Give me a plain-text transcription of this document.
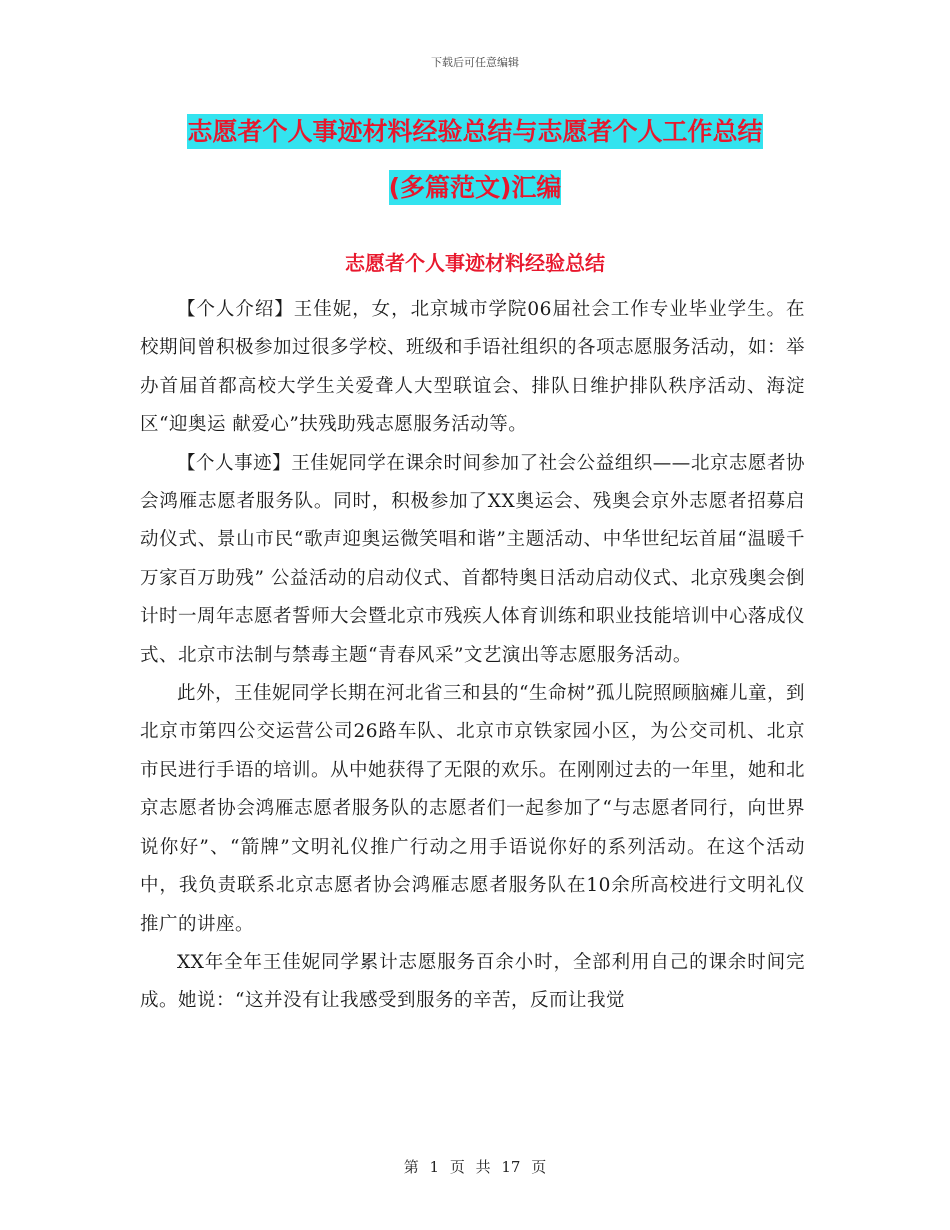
下载后可任意编辑
志愿者个人事迹材料经验总结与志愿者个人工作总结
(多篇范文)汇编
志愿者个人事迹材料经验总结

【个人介绍】王佳妮，女，北京城市学院06届社会工作专业毕业学生。在校期间曾积极参加过很多学校、班级和手语社组织的各项志愿服务活动，如：举办首届首都高校大学生关爱聋人大型联谊会、排队日维护排队秩序活动、海淀区“迎奥运 献爱心”扶残助残志愿服务活动等。

【个人事迹】王佳妮同学在课余时间参加了社会公益组织——北京志愿者协会鸿雁志愿者服务队。同时，积极参加了XX奥运会、残奥会京外志愿者招募启动仪式、景山市民“歌声迎奥运微笑唱和谐”主题活动、中华世纪坛首届“温暖千万家百万助残” 公益活动的启动仪式、首都特奥日活动启动仪式、北京残奥会倒计时一周年志愿者誓师大会暨北京市残疾人体育训练和职业技能培训中心落成仪式、北京市法制与禁毒主题“青春风采”文艺演出等志愿服务活动。

此外，王佳妮同学长期在河北省三和县的“生命树”孤儿院照顾脑瘫儿童，到北京市第四公交运营公司26路车队、北京市京铁家园小区，为公交司机、北京市民进行手语的培训。从中她获得了无限的欢乐。在刚刚过去的一年里，她和北京志愿者协会鸿雁志愿者服务队的志愿者们一起参加了“与志愿者同行，向世界说你好”、“箭牌”文明礼仪推广行动之用手语说你好的系列活动。在这个活动中，我负责联系北京志愿者协会鸿雁志愿者服务队在10余所高校进行文明礼仪推广的讲座。

XX年全年王佳妮同学累计志愿服务百余小时，全部利用自己的课余时间完成。她说：“这并没有让我感受到服务的辛苦，反而让我觉

第 1 页 共 17 页
